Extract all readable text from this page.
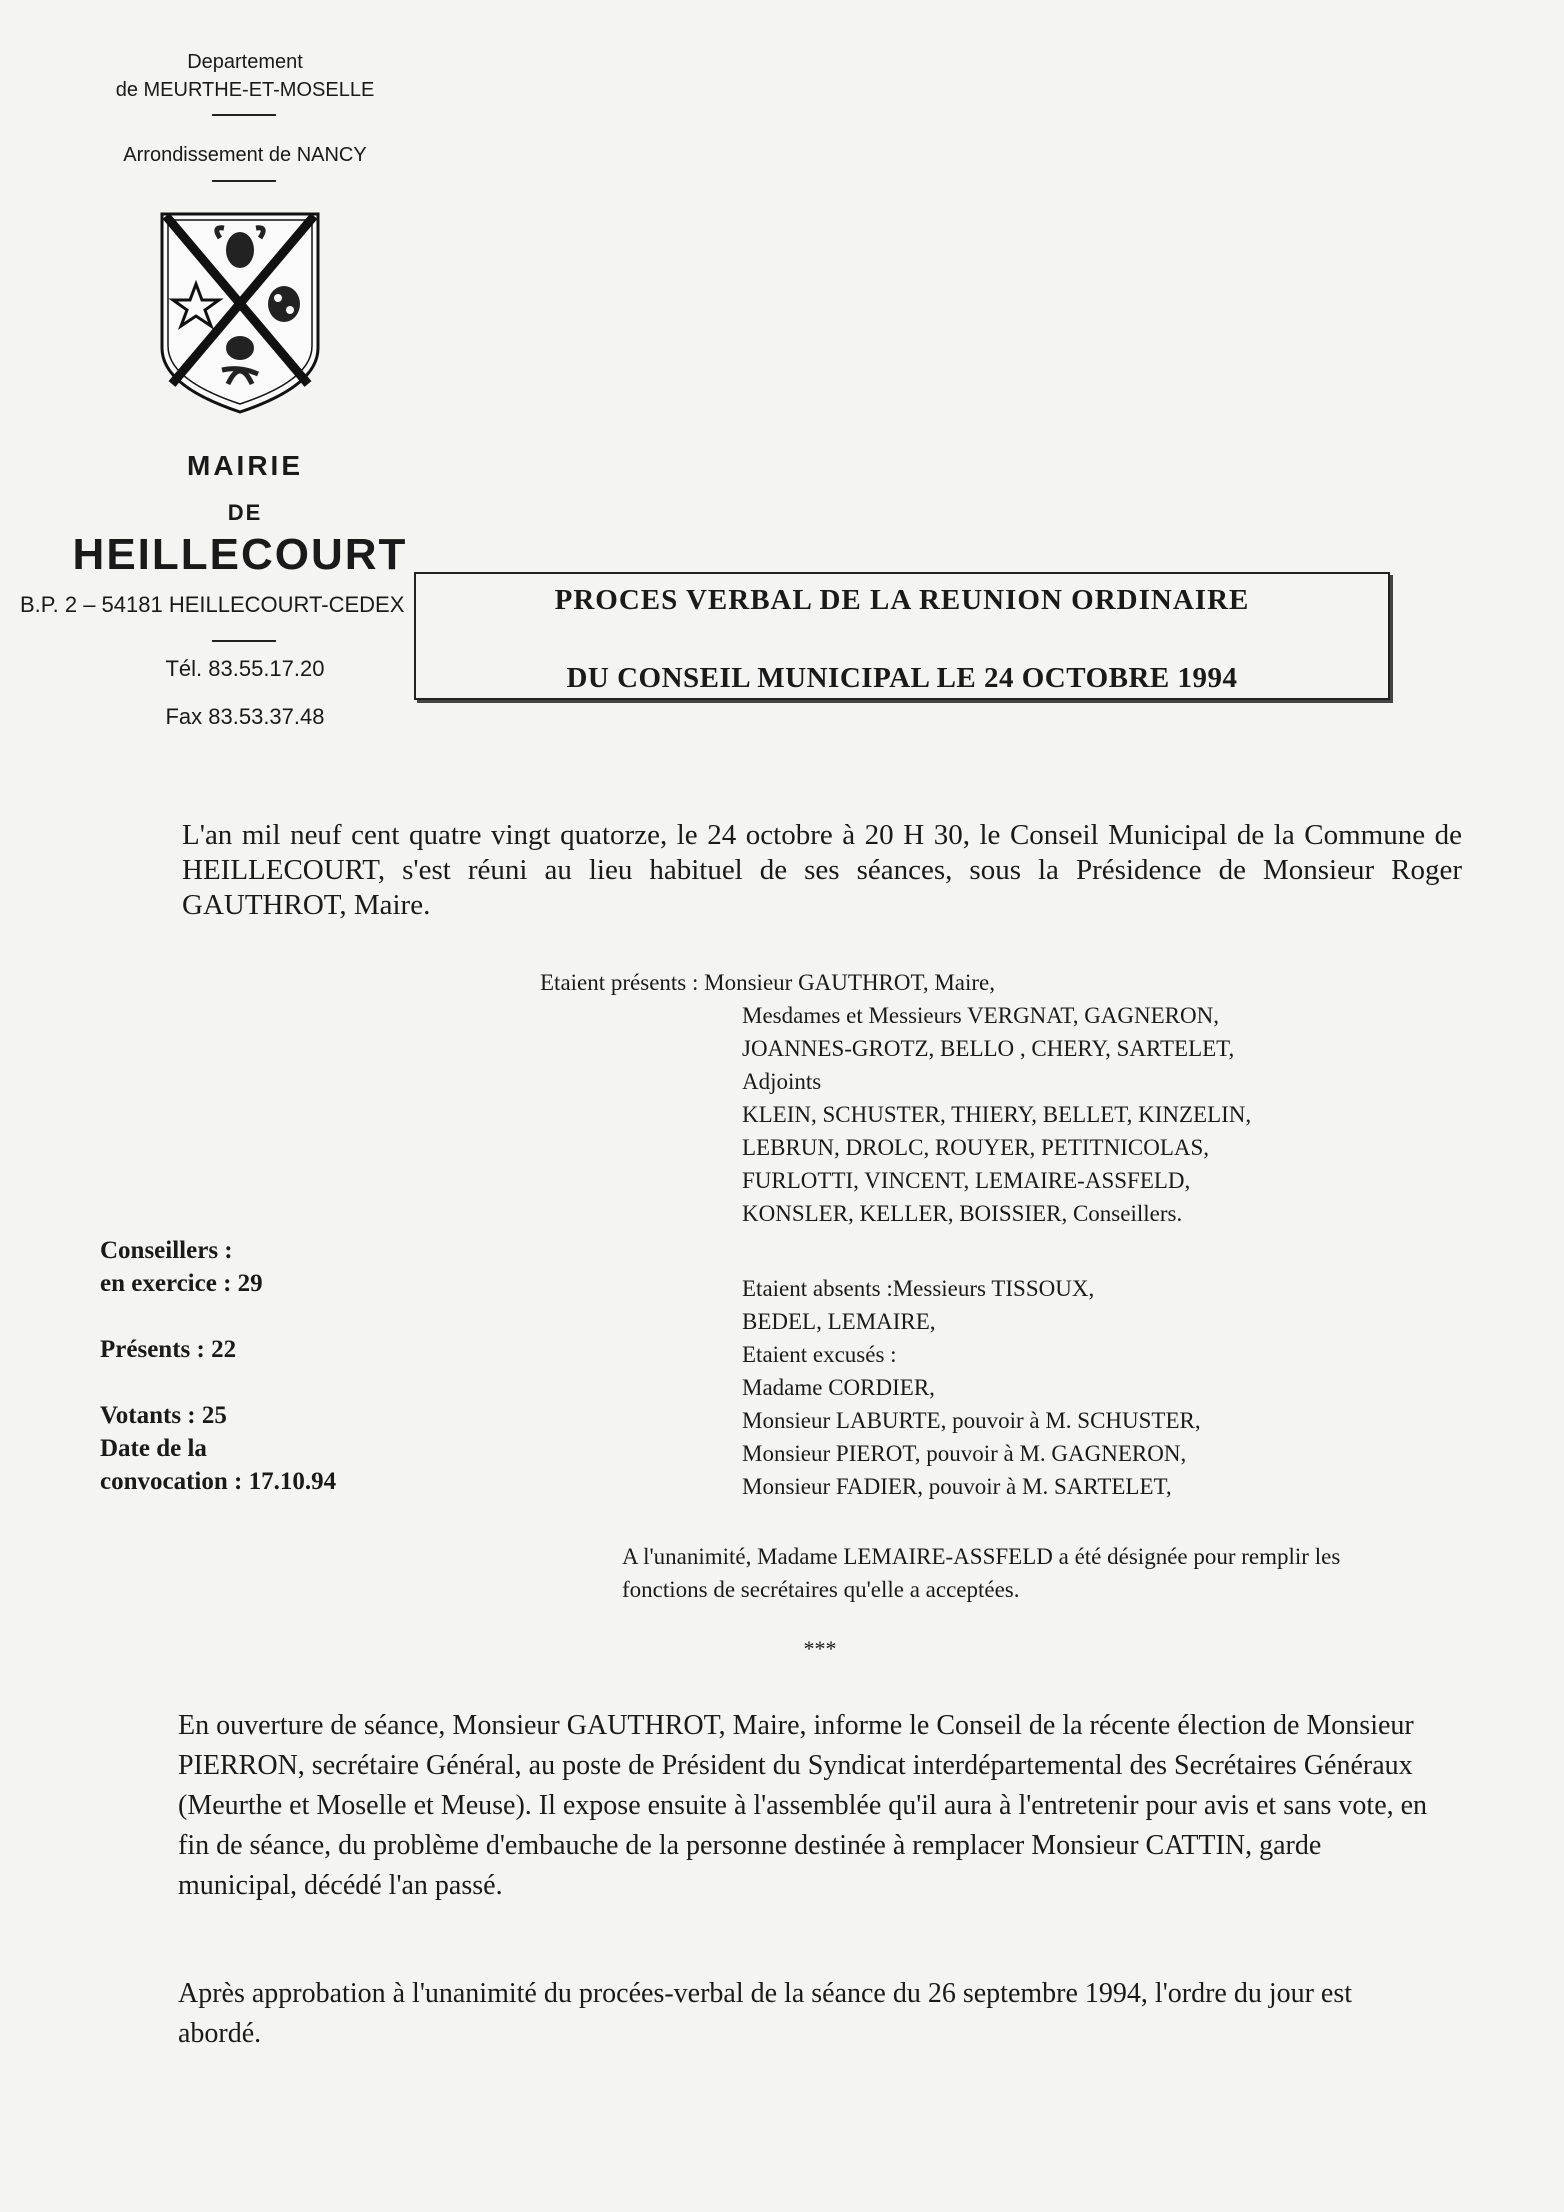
Departement
de MEURTHE-ET-MOSELLE
Arrondissement de NANCY
MAIRIE
DE
HEILLECOURT
B.P. 2 – 54181 HEILLECOURT-CEDEX
Tél. 83.55.17.20
Fax 83.53.37.48
PROCES VERBAL DE LA REUNION ORDINAIRE
DU CONSEIL MUNICIPAL LE 24 OCTOBRE 1994
L'an mil neuf cent quatre vingt quatorze, le 24 octobre à 20 H 30, le Conseil Municipal de la Commune de HEILLECOURT, s'est réuni au lieu habituel de ses séances, sous la Présidence de Monsieur Roger GAUTHROT, Maire.
Etaient présents : Monsieur GAUTHROT, Maire,
Mesdames et Messieurs VERGNAT, GAGNERON,
JOANNES-GROTZ, BELLO , CHERY, SARTELET,
Adjoints
KLEIN, SCHUSTER, THIERY, BELLET, KINZELIN,
LEBRUN, DROLC, ROUYER, PETITNICOLAS,
FURLOTTI, VINCENT, LEMAIRE-ASSFELD,
KONSLER, KELLER, BOISSIER, Conseillers.
Conseillers :
en exercice : 29
Présents : 22
Votants : 25
Date de la
convocation : 17.10.94
Etaient absents :Messieurs TISSOUX,
BEDEL, LEMAIRE,
Etaient excusés :
Madame CORDIER,
Monsieur LABURTE, pouvoir à M. SCHUSTER,
Monsieur PIEROT, pouvoir à M. GAGNERON,
Monsieur FADIER, pouvoir à M. SARTELET,
A l'unanimité, Madame LEMAIRE-ASSFELD a été désignée pour remplir les fonctions de secrétaires qu'elle a acceptées.
***
En ouverture de séance, Monsieur GAUTHROT, Maire, informe le Conseil de la récente élection de Monsieur PIERRON, secrétaire Général, au poste de Président du Syndicat interdépartemental des Secrétaires Généraux (Meurthe et Moselle et Meuse). Il expose ensuite à l'assemblée qu'il aura à l'entretenir pour avis et sans vote, en fin de séance, du problème d'embauche de la personne destinée à remplacer Monsieur CATTIN, garde municipal, décédé l'an passé.
Après approbation à l'unanimité du procées-verbal de la séance du 26 septembre 1994, l'ordre du jour est abordé.
